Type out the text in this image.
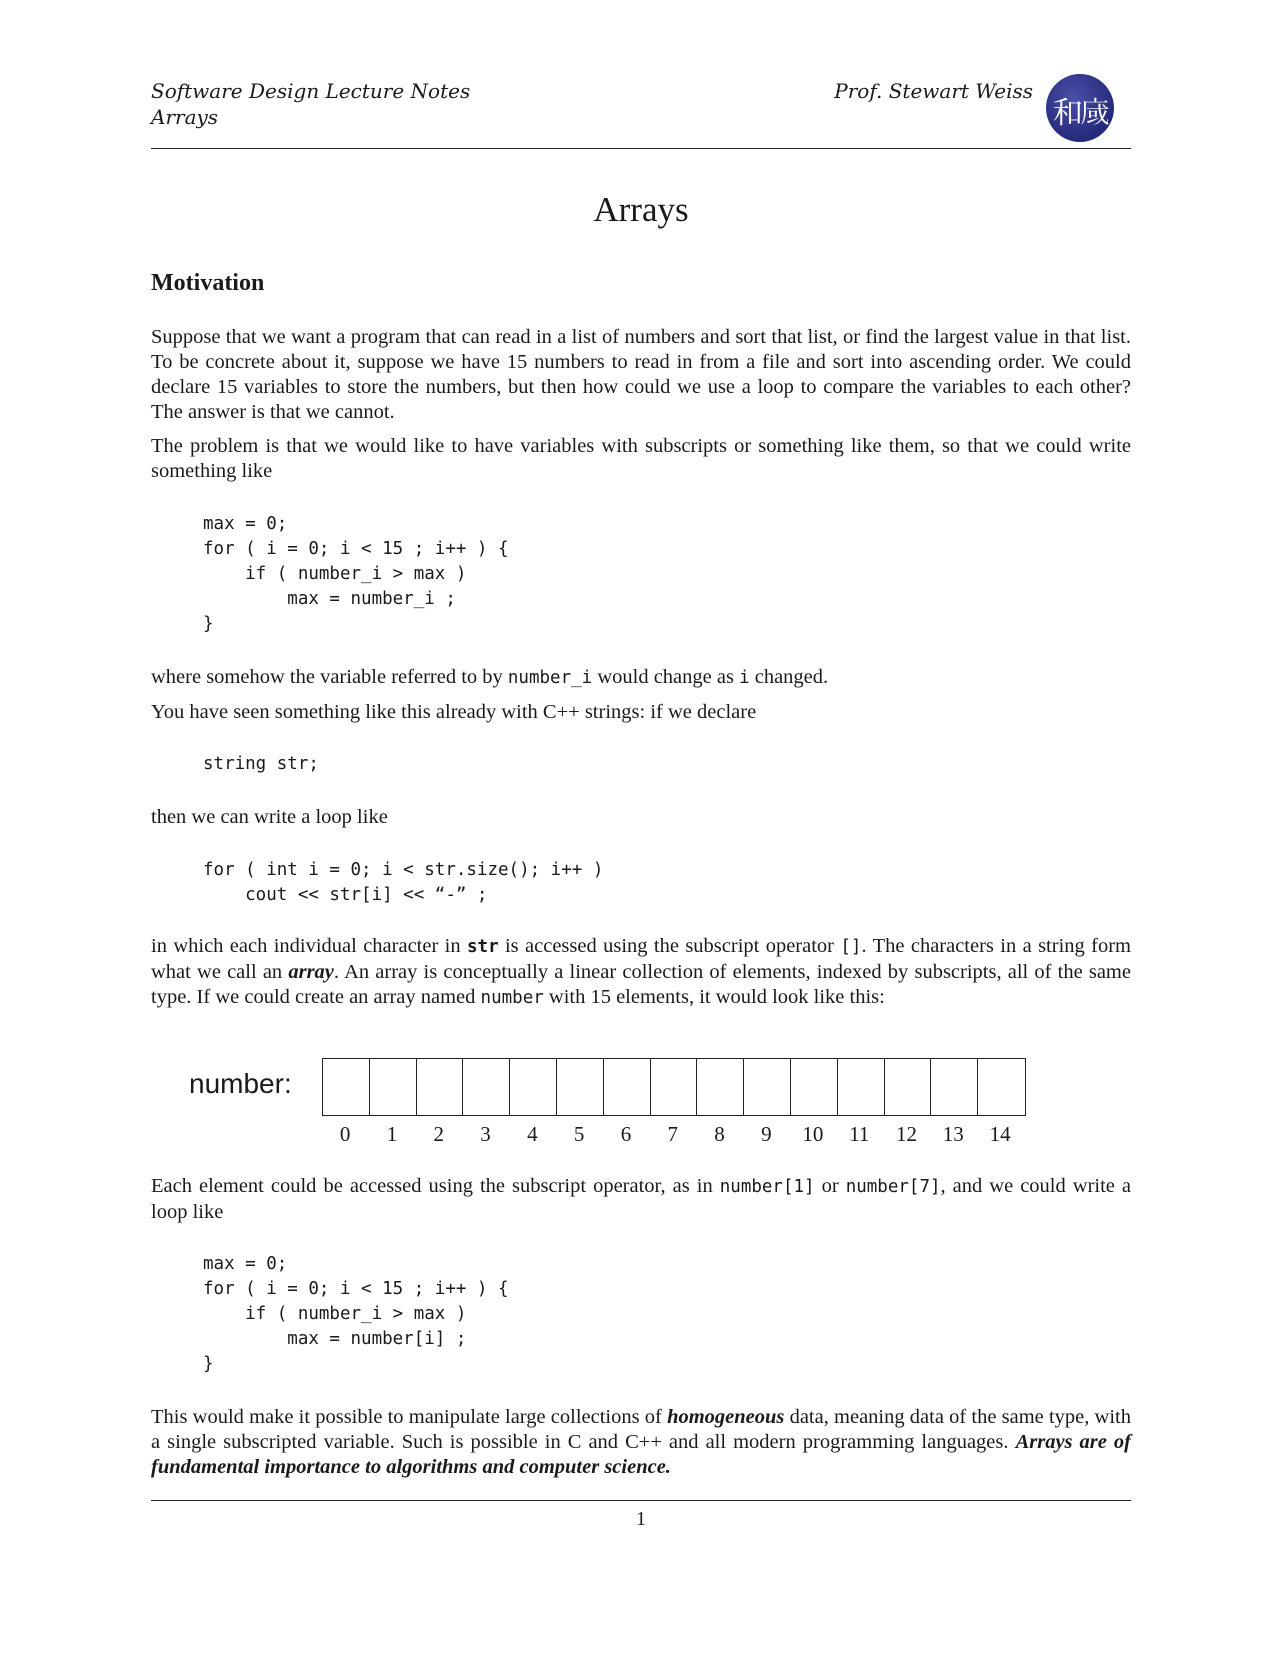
Software Design Lecture Notes
Arrays
Prof. Stewart Weiss
和𢈿
Arrays
Motivation
Suppose that we want a program that can read in a list of numbers and sort that list, or find the largest value in that list. To be concrete about it, suppose we have 15 numbers to read in from a file and sort into ascending order. We could declare 15 variables to store the numbers, but then how could we use a loop to compare the variables to each other? The answer is that we cannot.
The problem is that we would like to have variables with subscripts or something like them, so that we could write something like
max = 0;
for ( i = 0; i < 15 ; i++ ) {
if ( number_i > max )
max = number_i ;
}
where somehow the variable referred to by number_i would change as i changed.
You have seen something like this already with C++ strings: if we declare
string str;
then we can write a loop like
for ( int i = 0; i < str.size(); i++ )
cout << str[i] << “-” ;
in which each individual character in str is accessed using the subscript operator []. The characters in a string form what we call an array. An array is conceptually a linear collection of elements, indexed by subscripts, all of the same type. If we could create an array named number with 15 elements, it would look like this:
number:
0 1 2 3 4 5 6 7 8 9 10 11 12 13 14
Each element could be accessed using the subscript operator, as in number[1] or number[7], and we could write a loop like
max = 0;
for ( i = 0; i < 15 ; i++ ) {
if ( number_i > max )
max = number[i] ;
}
This would make it possible to manipulate large collections of homogeneous data, meaning data of the same type, with a single subscripted variable. Such is possible in C and C++ and all modern programming languages. Arrays are of fundamental importance to algorithms and computer science.
1
